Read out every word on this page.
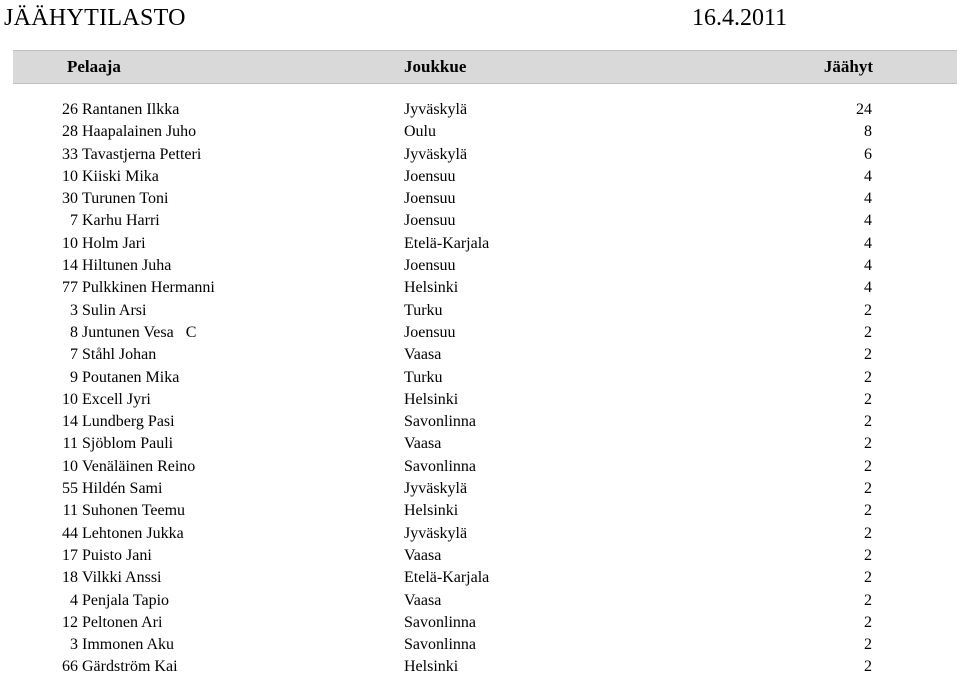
JÄÄHYTILASTO	16.4.2011
Pelaaja	Joukkue	Jäähyt
26 Rantanen Ilkka	Jyväskylä	24
28 Haapalainen Juho	Oulu	8
33 Tavastjerna Petteri	Jyväskylä	6
10 Kiiski Mika	Joensuu	4
30 Turunen Toni	Joensuu	4
7 Karhu Harri	Joensuu	4
10 Holm Jari	Etelä-Karjala	4
14 Hiltunen Juha	Joensuu	4
77 Pulkkinen Hermanni	Helsinki	4
3 Sulin Arsi	Turku	2
8 Juntunen Vesa   C	Joensuu	2
7 Ståhl Johan	Vaasa	2
9 Poutanen Mika	Turku	2
10 Excell Jyri	Helsinki	2
14 Lundberg Pasi	Savonlinna	2
11 Sjöblom Pauli	Vaasa	2
10 Venäläinen Reino	Savonlinna	2
55 Hildén Sami	Jyväskylä	2
11 Suhonen Teemu	Helsinki	2
44 Lehtonen Jukka	Jyväskylä	2
17 Puisto Jani	Vaasa	2
18 Vilkki Anssi	Etelä-Karjala	2
4 Penjala Tapio	Vaasa	2
12 Peltonen Ari	Savonlinna	2
3 Immonen Aku	Savonlinna	2
66 Gärdström Kai	Helsinki	2
